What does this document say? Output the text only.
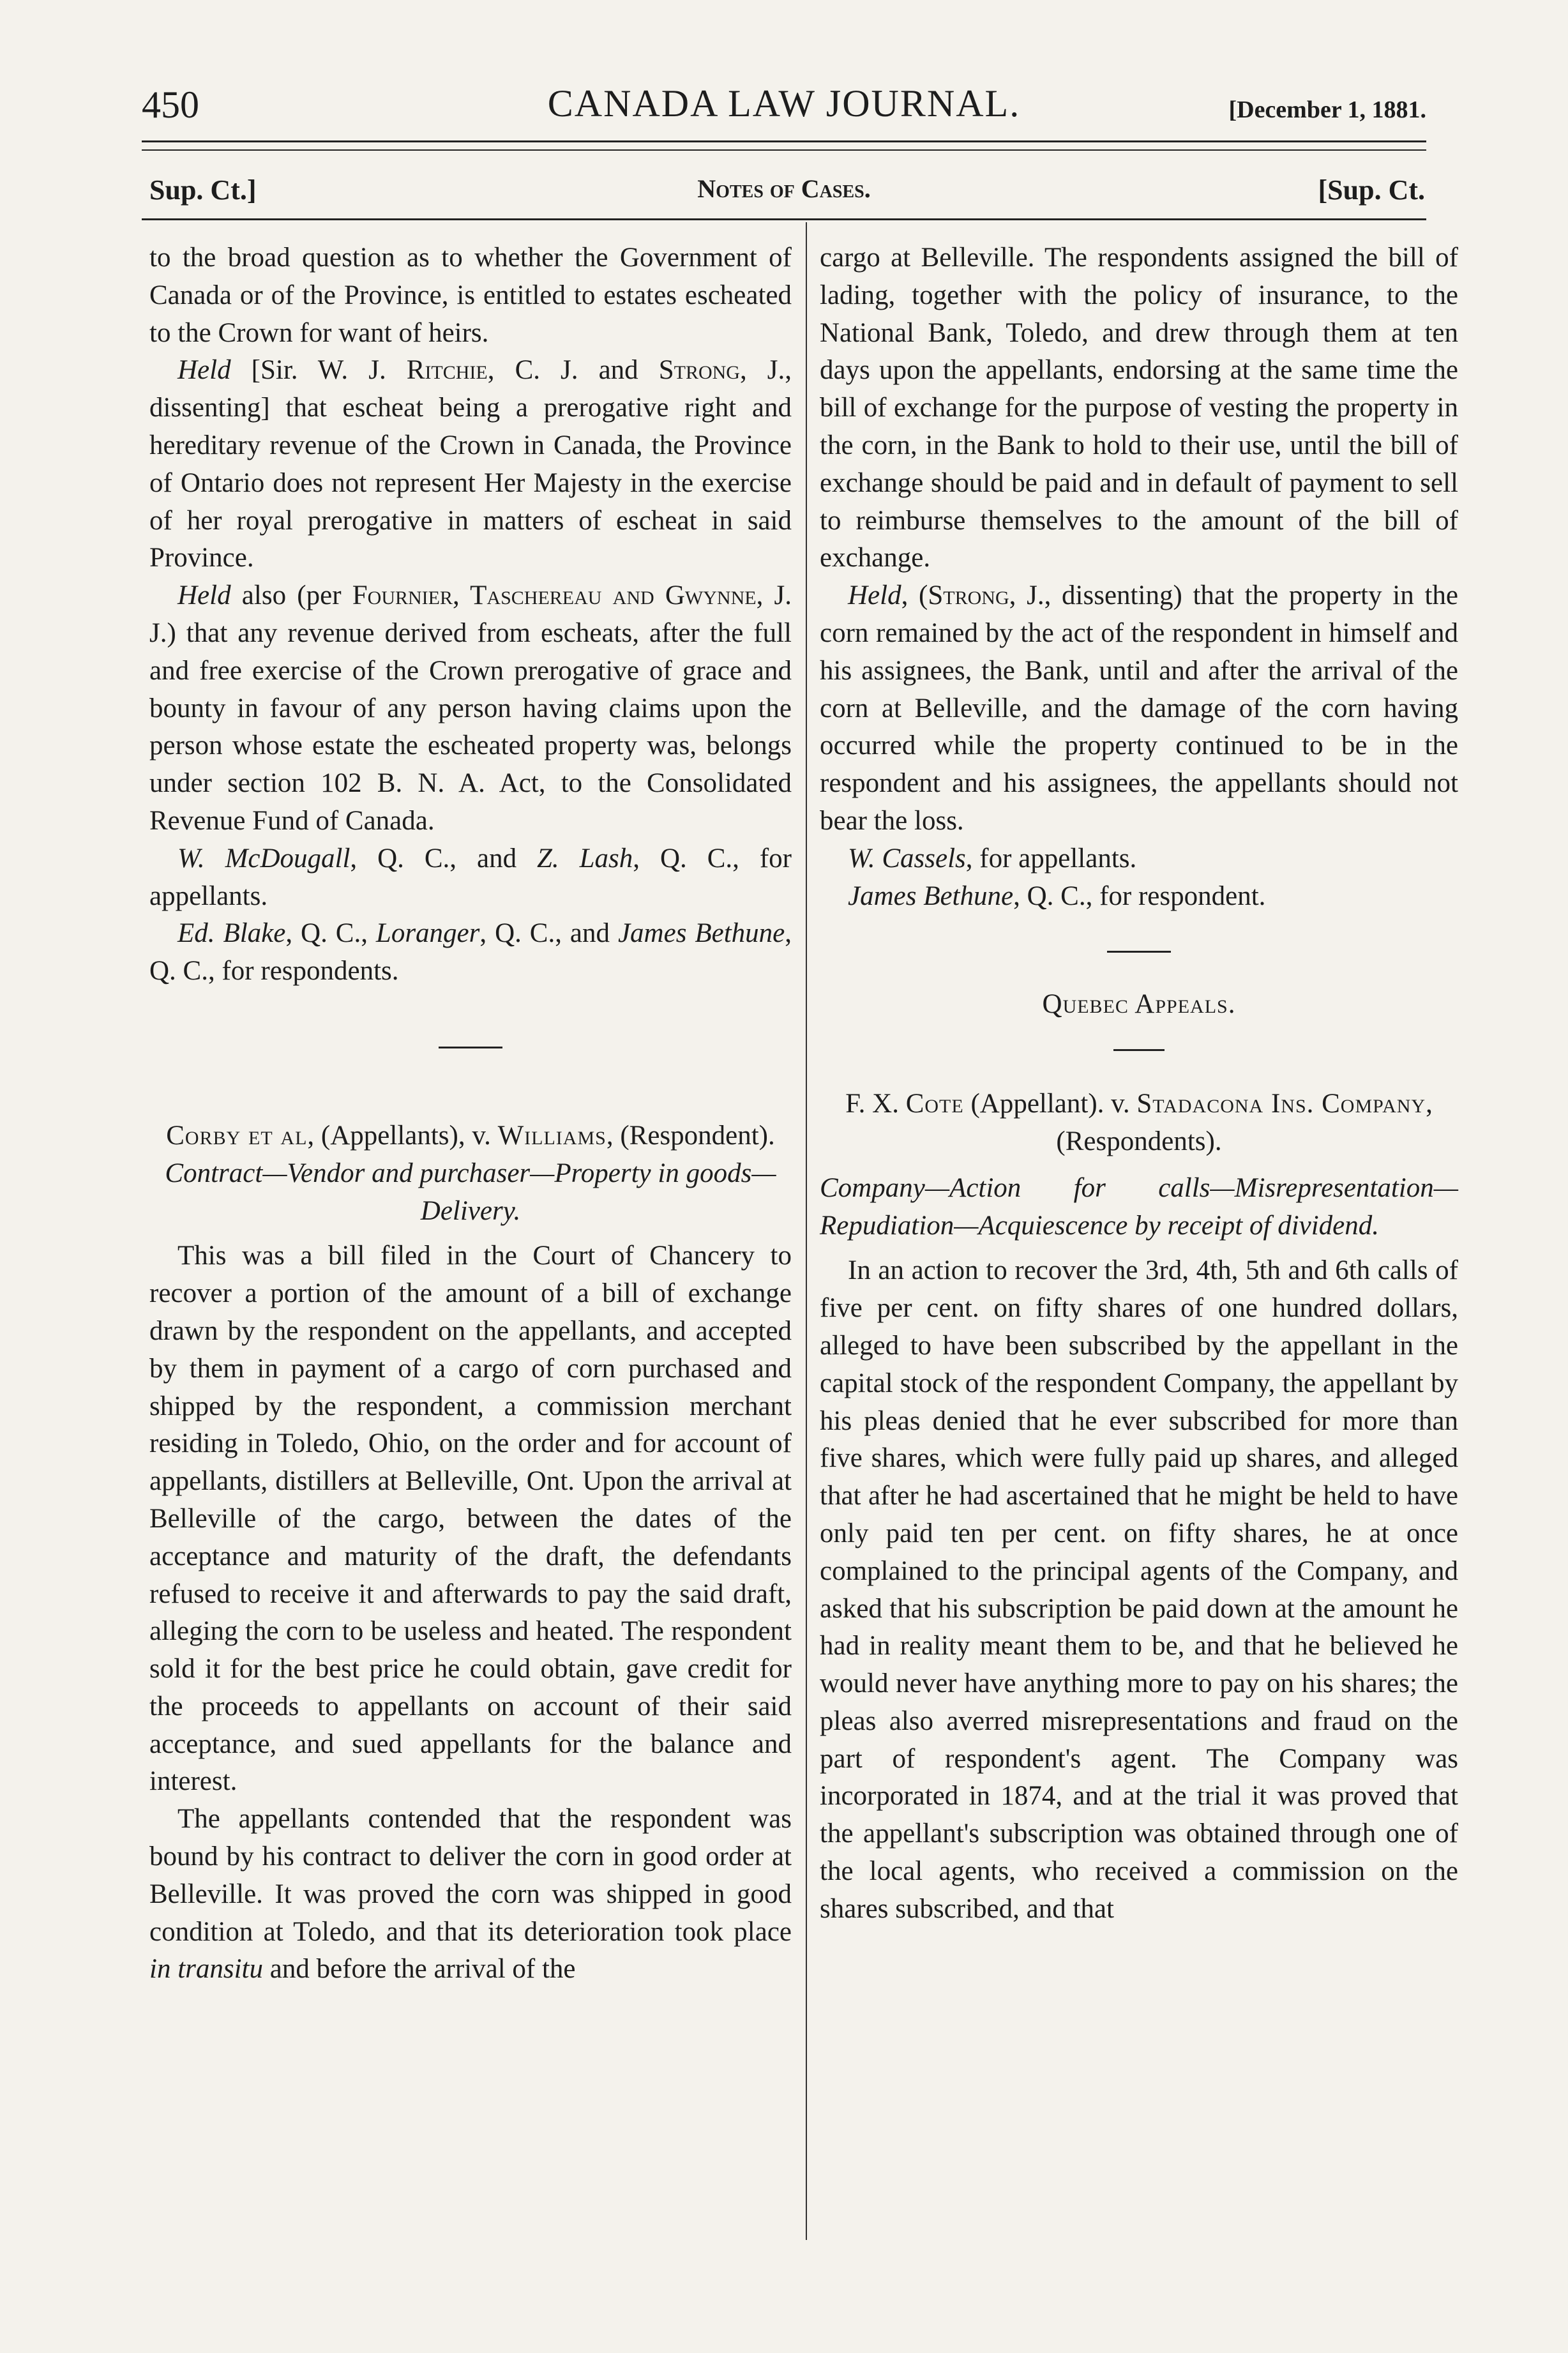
450	CANADA LAW JOURNAL.	[December 1, 1881.
Sup. Ct.]	Notes of Cases.	[Sup. Ct.

to the broad question as to whether the Government of Canada or of the Province, is entitled to estates escheated to the Crown for want of heirs.

Held [Sir. W. J. Ritchie, C. J. and Strong, J., dissenting] that escheat being a prerogative right and hereditary revenue of the Crown in Canada, the Province of Ontario does not represent Her Majesty in the exercise of her royal prerogative in matters of escheat in said Province.

Held also (per Fournier, Taschereau and Gwynne, J. J.) that any revenue derived from escheats, after the full and free exercise of the Crown prerogative of grace and bounty in favour of any person having claims upon the person whose estate the escheated property was, belongs under section 102 B. N. A. Act, to the Consolidated Revenue Fund of Canada.

W. McDougall, Q. C., and Z. Lash, Q. C., for appellants.

Ed. Blake, Q. C., Loranger, Q. C., and James Bethune, Q. C., for respondents.

Corby et al, (Appellants), v. Williams, (Respondent).

Contract—Vendor and purchaser—Property in goods—Delivery.

This was a bill filed in the Court of Chancery to recover a portion of the amount of a bill of exchange drawn by the respondent on the appellants, and accepted by them in payment of a cargo of corn purchased and shipped by the respondent, a commission merchant residing in Toledo, Ohio, on the order and for account of appellants, distillers at Belleville, Ont. Upon the arrival at Belleville of the cargo, between the dates of the acceptance and maturity of the draft, the defendants refused to receive it and afterwards to pay the said draft, alleging the corn to be useless and heated. The respondent sold it for the best price he could obtain, gave credit for the proceeds to appellants on account of their said acceptance, and sued appellants for the balance and interest.

The appellants contended that the respondent was bound by his contract to deliver the corn in good order at Belleville. It was proved the corn was shipped in good condition at Toledo, and that its deterioration took place in transitu and before the arrival of the

cargo at Belleville. The respondents assigned the bill of lading, together with the policy of insurance, to the National Bank, Toledo, and drew through them at ten days upon the appellants, endorsing at the same time the bill of exchange for the purpose of vesting the property in the corn, in the Bank to hold to their use, until the bill of exchange should be paid and in default of payment to sell to reimburse themselves to the amount of the bill of exchange.

Held, (Strong, J., dissenting) that the property in the corn remained by the act of the respondent in himself and his assignees, the Bank, until and after the arrival of the corn at Belleville, and the damage of the corn having occurred while the property continued to be in the respondent and his assignees, the appellants should not bear the loss.

W. Cassels, for appellants.

James Bethune, Q. C., for respondent.

Quebec Appeals.

F. X. Cote (Appellant). v. Stadacona Ins. Company, (Respondents).

Company—Action for calls—Misrepresentation—Repudiation—Acquiescence by receipt of dividend.

In an action to recover the 3rd, 4th, 5th and 6th calls of five per cent. on fifty shares of one hundred dollars, alleged to have been subscribed by the appellant in the capital stock of the respondent Company, the appellant by his pleas denied that he ever subscribed for more than five shares, which were fully paid up shares, and alleged that after he had ascertained that he might be held to have only paid ten per cent. on fifty shares, he at once complained to the principal agents of the Company, and asked that his subscription be paid down at the amount he had in reality meant them to be, and that he believed he would never have anything more to pay on his shares; the pleas also averred misrepresentations and fraud on the part of respondent's agent. The Company was incorporated in 1874, and at the trial it was proved that the appellant's subscription was obtained through one of the local agents, who received a commission on the shares subscribed, and that
